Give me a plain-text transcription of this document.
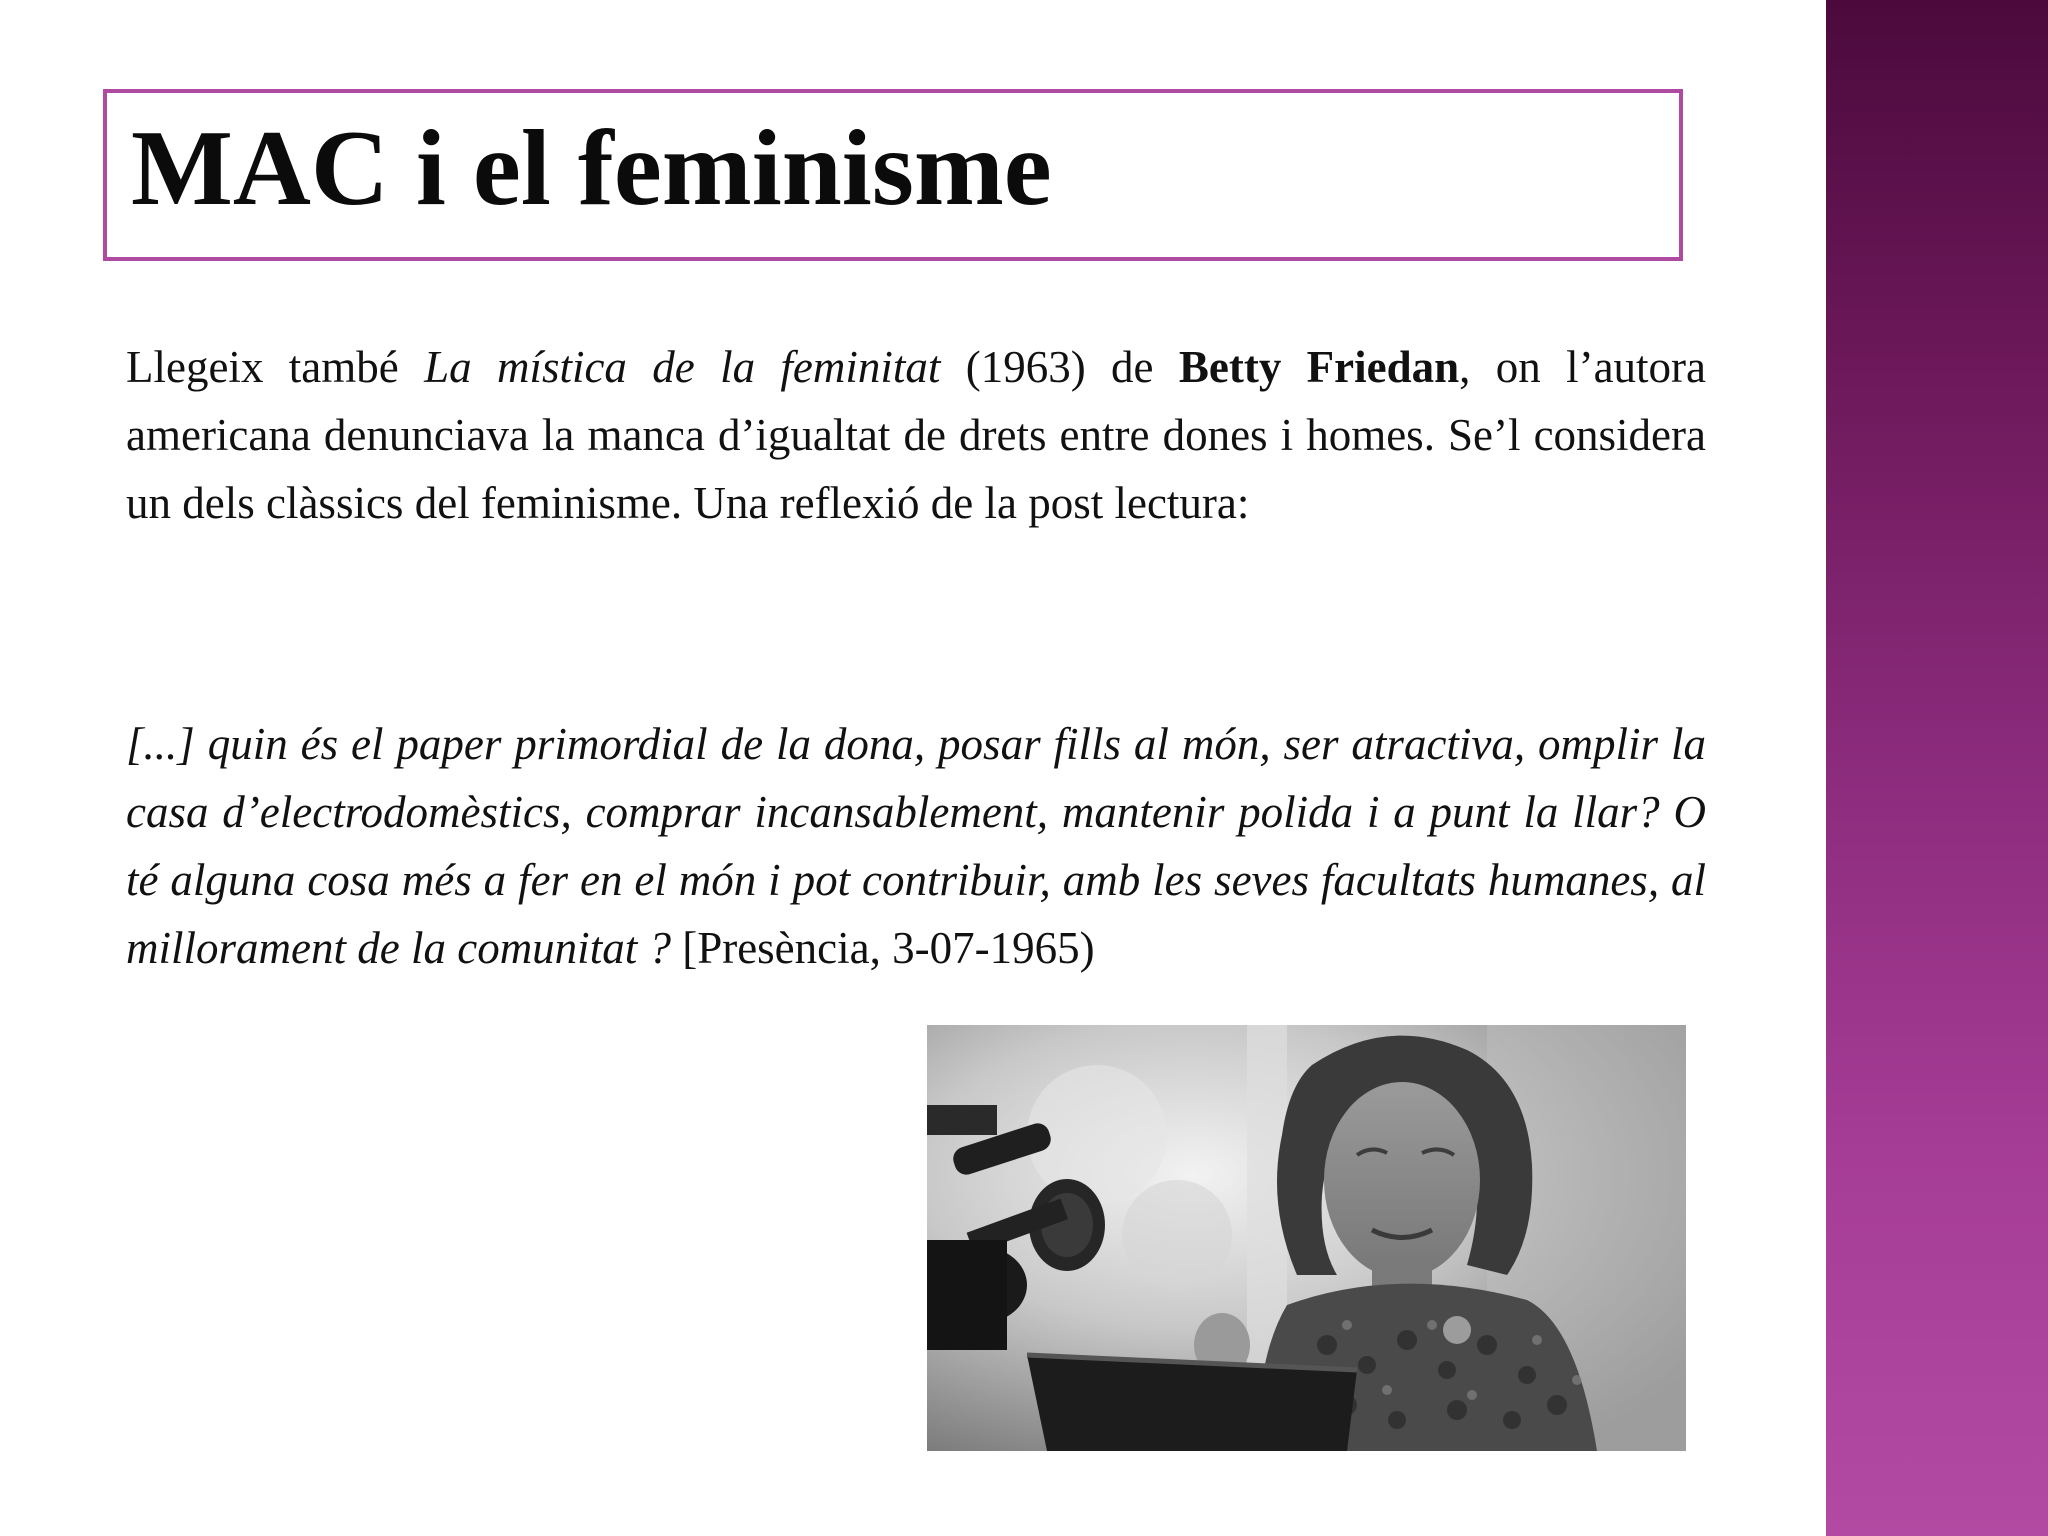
MAC i el feminisme

Llegeix també La mística de la feminitat (1963) de Betty Friedan, on l’autora americana denunciava la manca d’igualtat de drets entre dones i homes. Se’l considera un dels clàssics del feminisme. Una reflexió de la post lectura:

[...] quin és el paper primordial de la dona, posar fills al món, ser atractiva, omplir la casa d’electrodomèstics, comprar incansablement, mantenir polida i a punt la llar? O té alguna cosa més a fer en el món i pot contribuir, amb les seves facultats humanes, al millorament de la comunitat ? [Presència, 3-07-1965)
